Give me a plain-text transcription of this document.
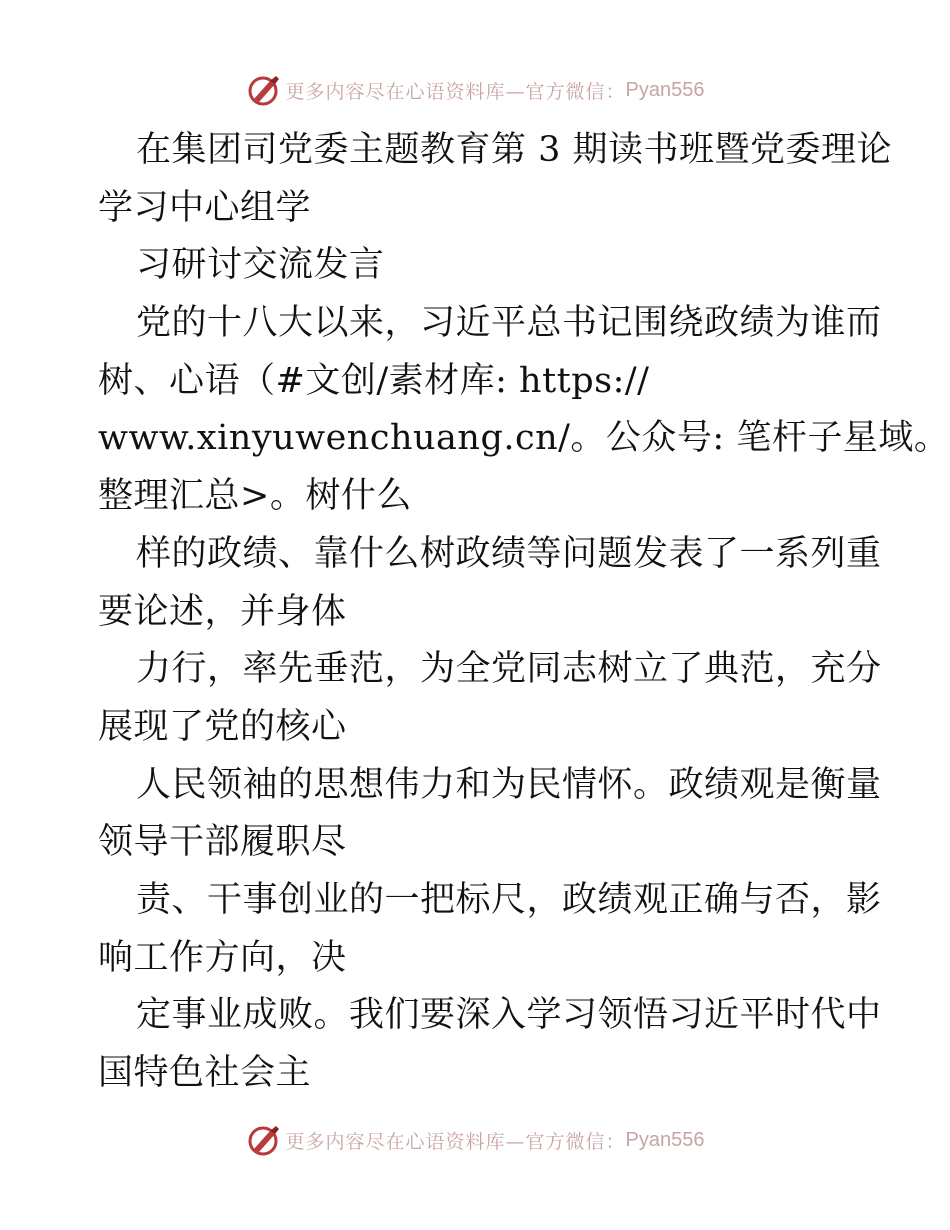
更多内容尽在心语资料库—官方微信： Pyan556
在集团司党委主题教育第 3 期读书班暨党委理论
学习中心组学
习研讨交流发言
党的十八大以来，习近平总书记围绕政绩为谁而
树、心语（#文创/素材库: https://
www.xinyuwenchuang.cn/。公众号: 笔杆子星域。
整理汇总>。树什么
样的政绩、靠什么树政绩等问题发表了一系列重
要论述，并身体
力行，率先垂范，为全党同志树立了典范，充分
展现了党的核心
人民领袖的思想伟力和为民情怀。政绩观是衡量
领导干部履职尽
责、干事创业的一把标尺，政绩观正确与否，影
响工作方向，决
定事业成败。我们要深入学习领悟习近平时代中
国特色社会主
更多内容尽在心语资料库—官方微信： Pyan556
